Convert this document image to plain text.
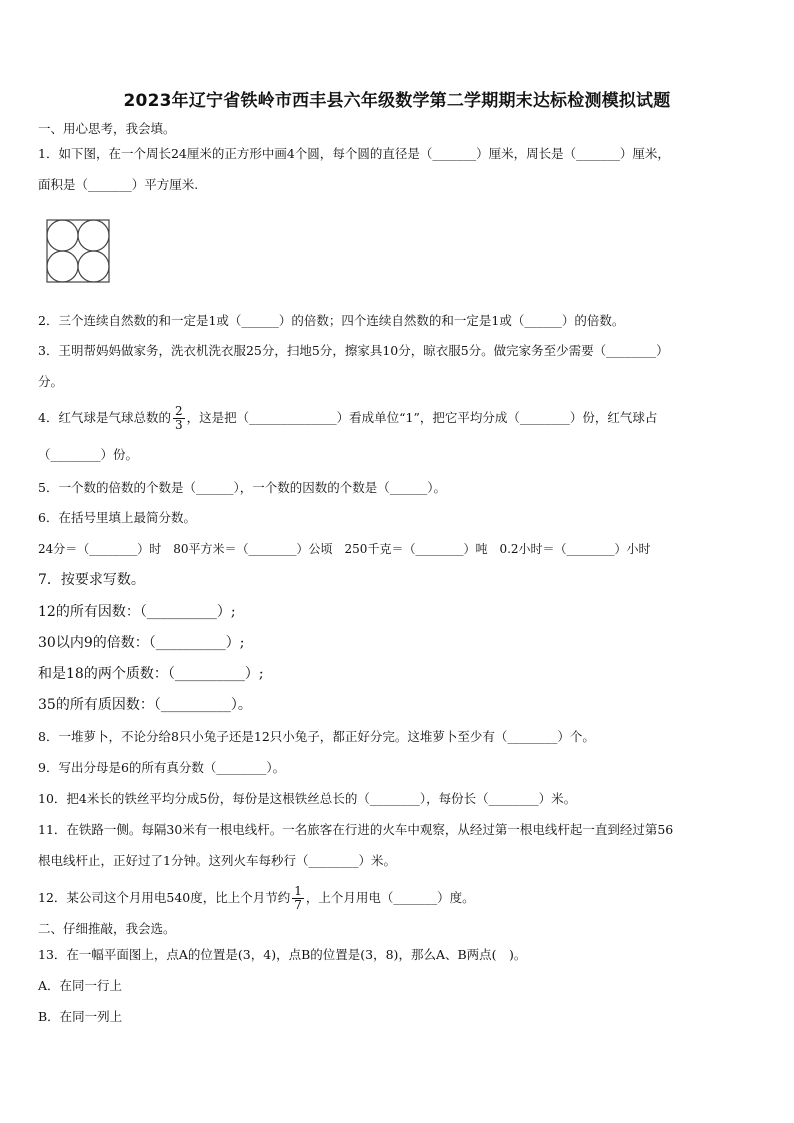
2023年辽宁省铁岭市西丰县六年级数学第二学期期末达标检测模拟试题
一、用心思考，我会填。
1．如下图，在一个周长24厘米的正方形中画4个圆，每个圆的直径是（_______）厘米，周长是（_______）厘米，
面积是（_______）平方厘米.
2．三个连续自然数的和一定是1或（______）的倍数；四个连续自然数的和一定是1或（______）的倍数。
3．王明帮妈妈做家务，洗衣机洗衣服25分，扫地5分，擦家具10分，晾衣服5分。做完家务至少需要（________）
分。
4．红气球是气球总数的 $\frac{2}{3}$ ，这是把（______________）看成单位“1”，把它平均分成（________）份，红气球占
（________）份。
5．一个数的倍数的个数是（______），一个数的因数的个数是（______）。
6．在括号里填上最简分数。
24分＝（________）时　80平方米＝（________）公顷　250千克＝（________）吨　0.2小时＝（________）小时
7．按要求写数。
12的所有因数：（__________）;
30以内9的倍数：（__________）;
和是18的两个质数：（__________）;
35的所有质因数：（__________）。
8．一堆萝卜，不论分给8只小兔子还是12只小兔子，都正好分完。这堆萝卜至少有（________）个。
9．写出分母是6的所有真分数（________）。
10．把4米长的铁丝平均分成5份，每份是这根铁丝总长的（________），每份长（________）米。
11．在铁路一侧。每隔30米有一根电线杆。一名旅客在行进的火车中观察，从经过第一根电线杆起一直到经过第56
根电线杆止，正好过了1分钟。这列火车每秒行（________）米。
12．某公司这个月用电540度，比上个月节约 $\frac{1}{7}$ ，上个月用电（_______）度。
二、仔细推敲，我会选。
13．在一幅平面图上，点A的位置是(3，4)，点B的位置是(3，8)，那么A、B两点(　)。
A．在同一行上
B．在同一列上
